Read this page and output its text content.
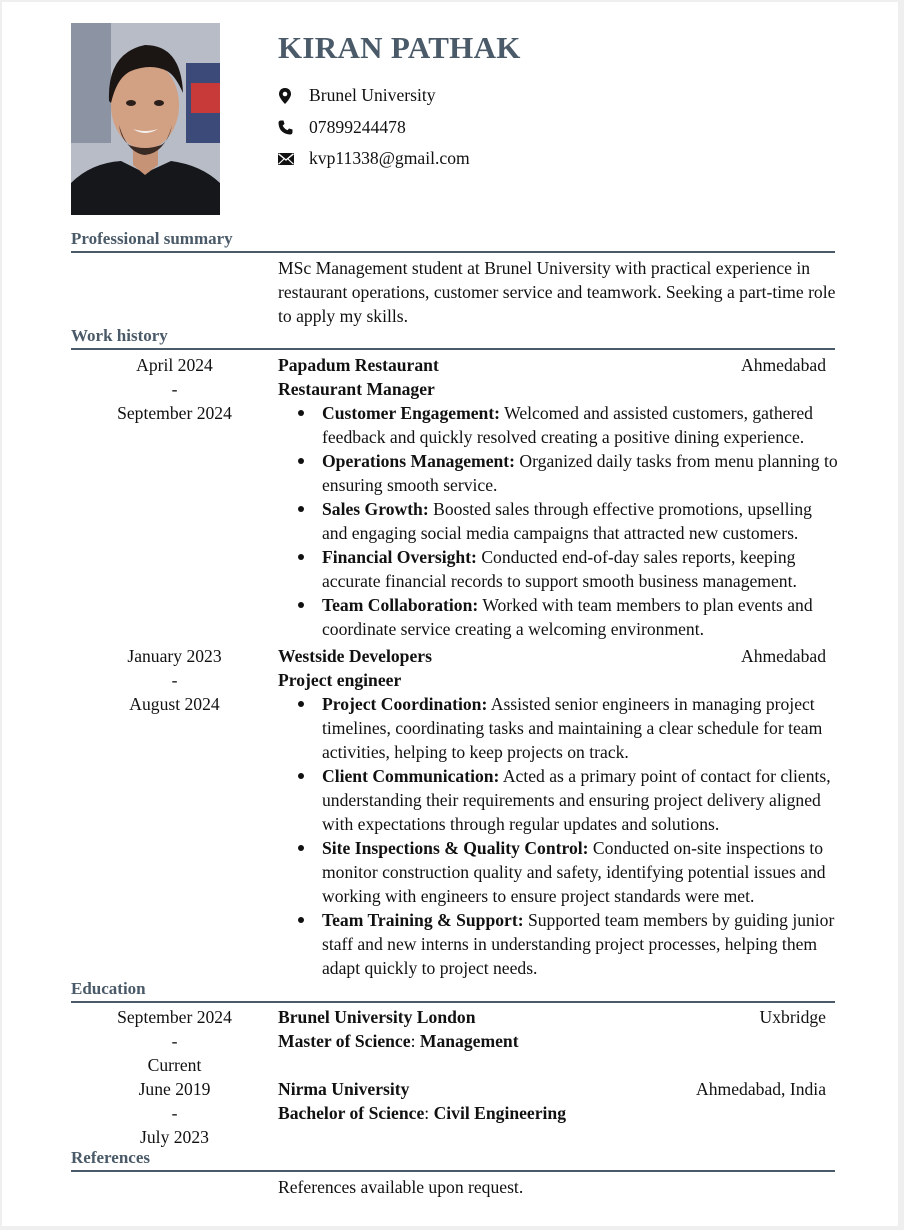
KIRAN PATHAK
Brunel University
07899244478
kvp11338@gmail.com
Professional summary
MSc Management student at Brunel University with practical experience in restaurant operations, customer service and teamwork. Seeking a part-time role to apply my skills.
Work history
April 2024
-
September 2024
Papadum Restaurant	Ahmedabad
Restaurant Manager
Customer Engagement: Welcomed and assisted customers, gathered feedback and quickly resolved creating a positive dining experience.
Operations Management: Organized daily tasks from menu planning to ensuring smooth service.
Sales Growth: Boosted sales through effective promotions, upselling and engaging social media campaigns that attracted new customers.
Financial Oversight: Conducted end-of-day sales reports, keeping accurate financial records to support smooth business management.
Team Collaboration: Worked with team members to plan events and coordinate service creating a welcoming environment.
January 2023
-
August 2024
Westside Developers	Ahmedabad
Project engineer
Project Coordination: Assisted senior engineers in managing project timelines, coordinating tasks and maintaining a clear schedule for team activities, helping to keep projects on track.
Client Communication: Acted as a primary point of contact for clients, understanding their requirements and ensuring project delivery aligned with expectations through regular updates and solutions.
Site Inspections & Quality Control: Conducted on-site inspections to monitor construction quality and safety, identifying potential issues and working with engineers to ensure project standards were met.
Team Training & Support: Supported team members by guiding junior staff and new interns in understanding project processes, helping them adapt quickly to project needs.
Education
September 2024
-
Current
Brunel University London	Uxbridge
Master of Science: Management
June 2019
-
July 2023
Nirma University	Ahmedabad, India
Bachelor of Science: Civil Engineering
References
References available upon request.
